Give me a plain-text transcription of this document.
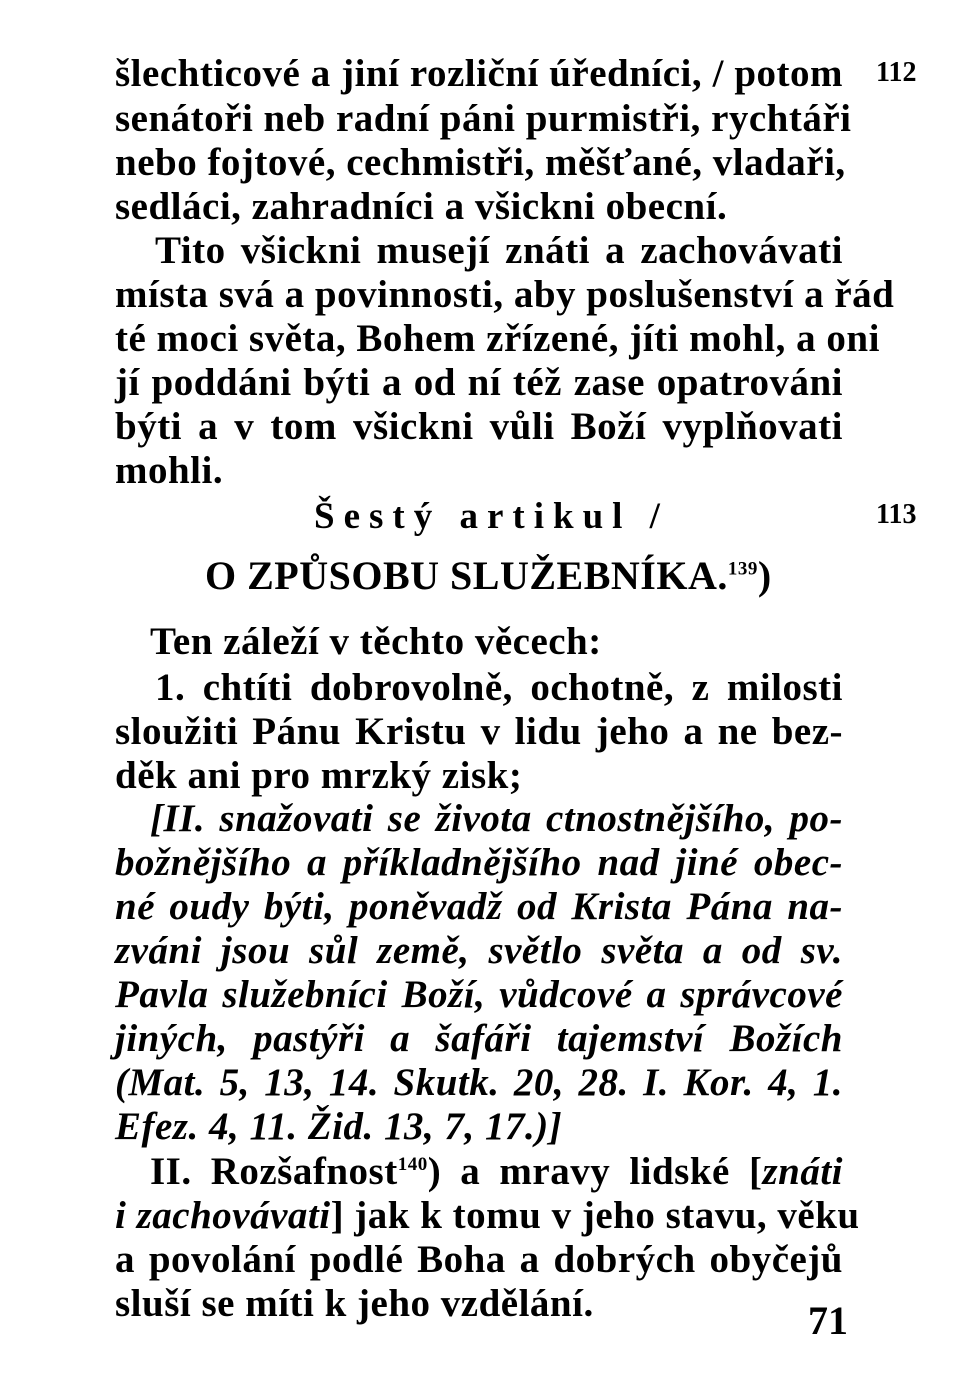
112
šlechticové a jiní rozliční úředníci, / potom
senátoři neb radní páni purmistři, rychtáři
nebo fojtové, cechmistři, měšťané, vladaři,
sedláci, zahradníci a všickni obecní.
Tito všickni musejí znáti a zachovávati
místa svá a povinnosti, aby poslušenství a řád
té moci světa, Bohem zřízené, jíti mohl, a oni
jí poddáni býti a od ní též zase opatrováni
býti a v tom všickni vůli Boží vyplňovati
mohli.
Šestý artikul /	113
O ZPŮSOBU SLUŽEBNÍKA.$^{139}$)
Ten záleží v těchto věcech:
1. chtíti dobrovolně, ochotně, z milosti
sloužiti Pánu Kristu v lidu jeho a ne bez-
děk ani pro mrzký zisk;
[II. snažovati se života ctnostnějšího, po-
božnějšího a příkladnějšího nad jiné obec-
né oudy býti, poněvadž od Krista Pána na-
zváni jsou sůl země, světlo světa a od sv.
Pavla služebníci Boží, vůdcové a správcové
jiných, pastýři a šafáři tajemství Božích
(Mat. 5, 13, 14. Skutk. 20, 28. I. Kor. 4, 1.
Efez. 4, 11. Žid. 13, 7, 17.)]
II. Rozšafnost$^{140}$) a mravy lidské [znáti
i zachovávati] jak k tomu v jeho stavu, věku
a povolání podlé Boha a dobrých obyčejů
sluší se míti k jeho vzdělání.	71
